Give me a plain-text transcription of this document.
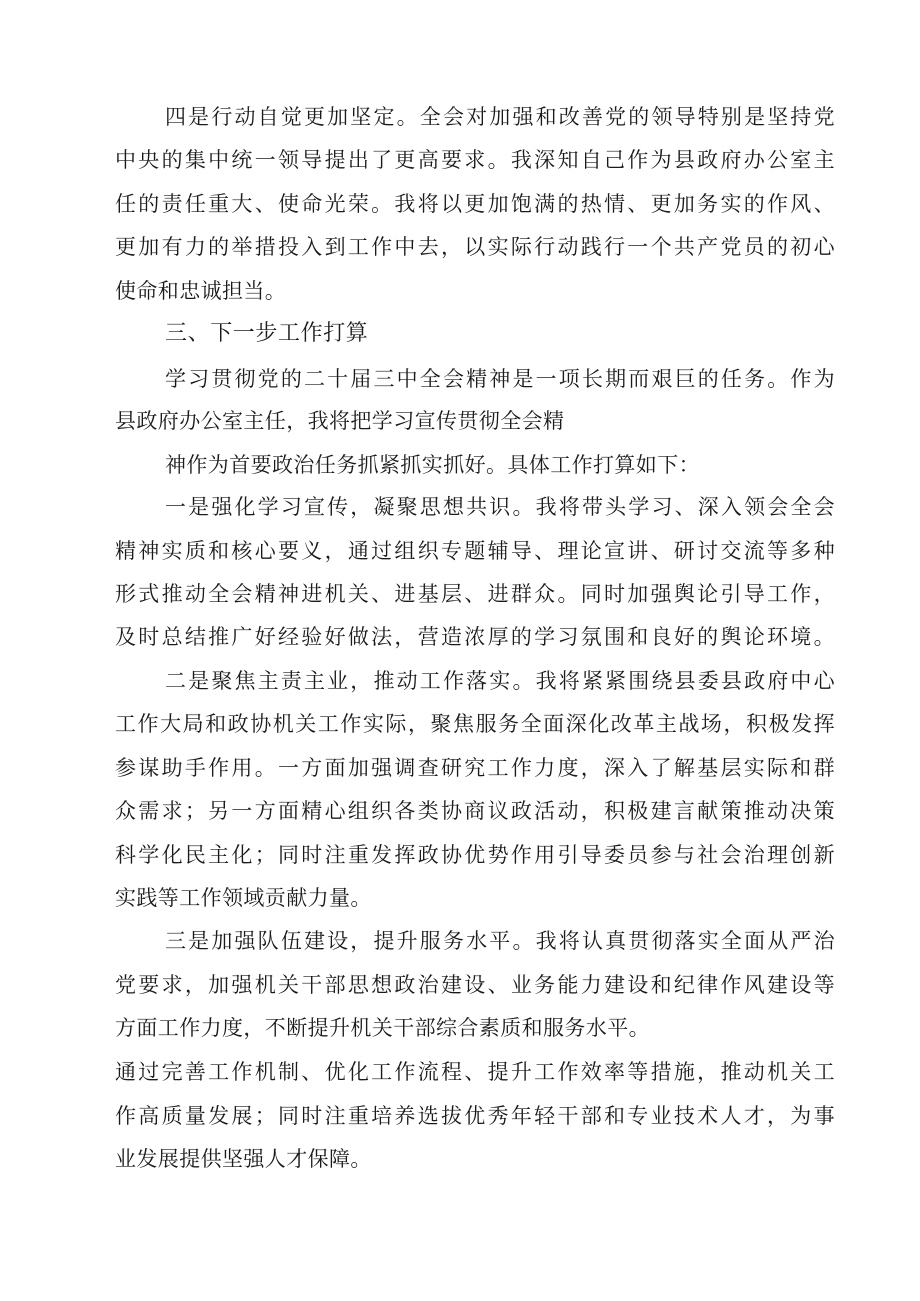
四是行动自觉更加坚定。全会对加强和改善党的领导特别是坚持党
中央的集中统一领导提出了更高要求。我深知自己作为县政府办公室主
任的责任重大、使命光荣。我将以更加饱满的热情、更加务实的作风、
更加有力的举措投入到工作中去，以实际行动践行一个共产党员的初心
使命和忠诚担当。
三、下一步工作打算
学习贯彻党的二十届三中全会精神是一项长期而艰巨的任务。作为
县政府办公室主任，我将把学习宣传贯彻全会精
神作为首要政治任务抓紧抓实抓好。具体工作打算如下：
一是强化学习宣传，凝聚思想共识。我将带头学习、深入领会全会
精神实质和核心要义，通过组织专题辅导、理论宣讲、研讨交流等多种
形式推动全会精神进机关、进基层、进群众。同时加强舆论引导工作，
及时总结推广好经验好做法，营造浓厚的学习氛围和良好的舆论环境。
二是聚焦主责主业，推动工作落实。我将紧紧围绕县委县政府中心
工作大局和政协机关工作实际，聚焦服务全面深化改革主战场，积极发挥
参谋助手作用。一方面加强调查研究工作力度，深入了解基层实际和群
众需求；另一方面精心组织各类协商议政活动，积极建言献策推动决策
科学化民主化；同时注重发挥政协优势作用引导委员参与社会治理创新
实践等工作领域贡献力量。
三是加强队伍建设，提升服务水平。我将认真贯彻落实全面从严治
党要求，加强机关干部思想政治建设、业务能力建设和纪律作风建设等
方面工作力度，不断提升机关干部综合素质和服务水平。
通过完善工作机制、优化工作流程、提升工作效率等措施，推动机关工
作高质量发展；同时注重培养选拔优秀年轻干部和专业技术人才，为事
业发展提供坚强人才保障。
